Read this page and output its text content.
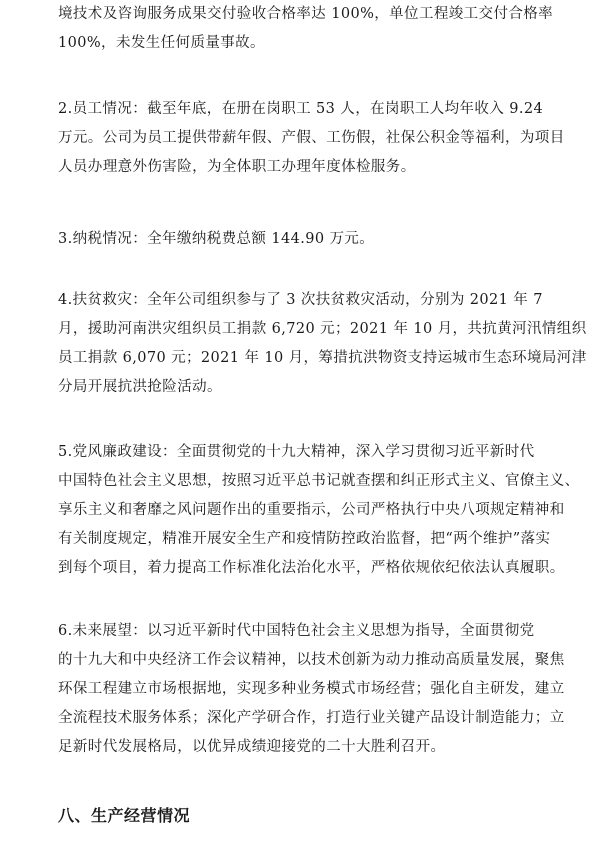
境技术及咨询服务成果交付验收合格率达 100%，单位工程竣工交付合格率
100%，未发生任何质量事故。

2.员工情况：截至年底，在册在岗职工 53 人，在岗职工人均年收入 9.24
万元。公司为员工提供带薪年假、产假、工伤假，社保公积金等福利，为项目
人员办理意外伤害险，为全体职工办理年度体检服务。

3.纳税情况：全年缴纳税费总额 144.90 万元。

4.扶贫救灾：全年公司组织参与了 3 次扶贫救灾活动，分别为 2021 年 7
月，援助河南洪灾组织员工捐款 6,720 元；2021 年 10 月，共抗黄河汛情组织
员工捐款 6,070 元；2021 年 10 月，筹措抗洪物资支持运城市生态环境局河津
分局开展抗洪抢险活动。

5.党风廉政建设：全面贯彻党的十九大精神，深入学习贯彻习近平新时代
中国特色社会主义思想，按照习近平总书记就查摆和纠正形式主义、官僚主义、
享乐主义和奢靡之风问题作出的重要指示，公司严格执行中央八项规定精神和
有关制度规定，精准开展安全生产和疫情防控政治监督，把“两个维护”落实
到每个项目，着力提高工作标准化法治化水平，严格依规依纪依法认真履职。

6.未来展望：以习近平新时代中国特色社会主义思想为指导，全面贯彻党
的十九大和中央经济工作会议精神，以技术创新为动力推动高质量发展，聚焦
环保工程建立市场根据地，实现多种业务模式市场经营；强化自主研发，建立
全流程技术服务体系；深化产学研合作，打造行业关键产品设计制造能力；立
足新时代发展格局，以优异成绩迎接党的二十大胜利召开。

八、生产经营情况
